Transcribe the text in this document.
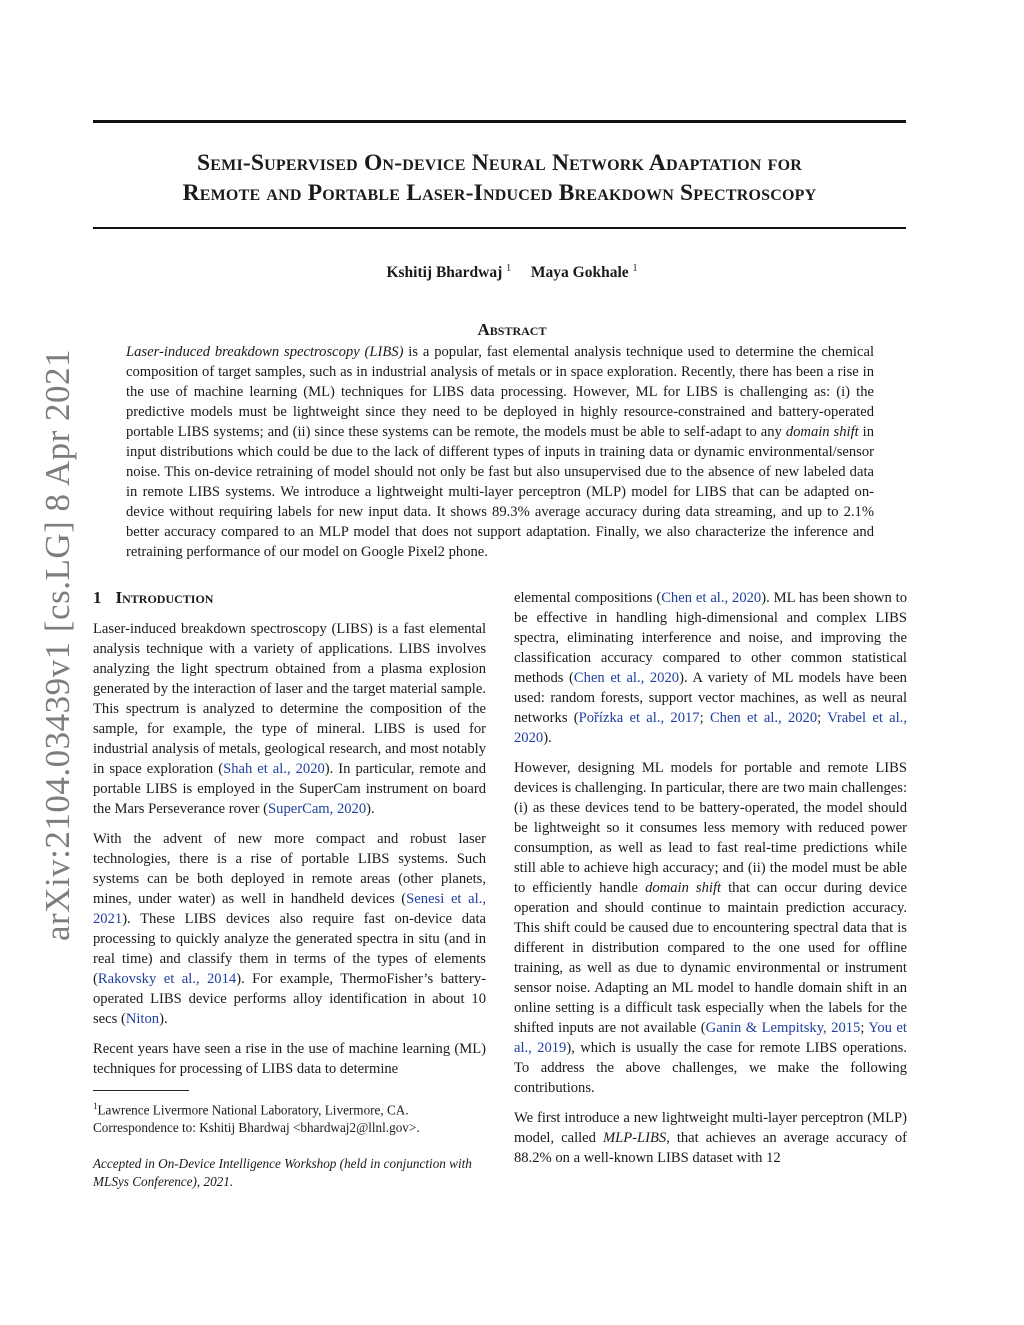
Semi-Supervised On-device Neural Network Adaptation for
Remote and Portable Laser-Induced Breakdown Spectroscopy
Kshitij Bhardwaj $^1$ Maya Gokhale $^1$
Abstract

Laser-induced breakdown spectroscopy (LIBS) is a popular, fast elemental analysis technique used to determine the chemical composition of target samples, such as in industrial analysis of metals or in space exploration. Recently, there has been a rise in the use of machine learning (ML) techniques for LIBS data processing. However, ML for LIBS is challenging as: (i) the predictive models must be lightweight since they need to be deployed in highly resource-constrained and battery-operated portable LIBS systems; and (ii) since these systems can be remote, the models must be able to self-adapt to any domain shift in input distributions which could be due to the lack of different types of inputs in training data or dynamic environmental/sensor noise. This on-device retraining of model should not only be fast but also unsupervised due to the absence of new labeled data in remote LIBS systems. We introduce a lightweight multi-layer perceptron (MLP) model for LIBS that can be adapted on-device without requiring labels for new input data. It shows 89.3% average accuracy during data streaming, and up to 2.1% better accuracy compared to an MLP model that does not support adaptation. Finally, we also characterize the inference and retraining performance of our model on Google Pixel2 phone.

arXiv:2104.03439v1 [cs.LG] 8 Apr 2021 1 Introduction

Laser-induced breakdown spectroscopy (LIBS) is a fast elemental analysis technique with a variety of applications. LIBS involves analyzing the light spectrum obtained from a plasma explosion generated by the interaction of laser and the target material sample. This spectrum is analyzed to determine the composition of the sample, for example, the type of mineral. LIBS is used for industrial analysis of metals, geological research, and most notably in space exploration (Shah et al., 2020). In particular, remote and portable LIBS is employed in the SuperCam instrument on board the Mars Perseverance rover (SuperCam, 2020).

With the advent of new more compact and robust laser technologies, there is a rise of portable LIBS systems. Such systems can be both deployed in remote areas (other planets, mines, under water) as well in handheld devices (Senesi et al., 2021). These LIBS devices also require fast on-device data processing to quickly analyze the generated spectra in situ (and in real time) and classify them in terms of the types of elements (Rakovsky et al., 2014). For example, ThermoFisher’s battery-operated LIBS device performs alloy identification in about 10 secs (Niton).

Recent years have seen a rise in the use of machine learning (ML) techniques for processing of LIBS data to determine

$^1$Lawrence Livermore National Laboratory, Livermore, CA. Correspondence to: Kshitij Bhardwaj <bhardwaj2@llnl.gov>.

Accepted in On-Device Intelligence Workshop (held in conjunction with MLSys Conference), 2021.

elemental compositions (Chen et al., 2020). ML has been shown to be effective in handling high-dimensional and complex LIBS spectra, eliminating interference and noise, and improving the classification accuracy compared to other common statistical methods (Chen et al., 2020). A variety of ML models have been used: random forests, support vector machines, as well as neural networks (Pořízka et al., 2017; Chen et al., 2020; Vrabel et al., 2020).

However, designing ML models for portable and remote LIBS devices is challenging. In particular, there are two main challenges: (i) as these devices tend to be battery-operated, the model should be lightweight so it consumes less memory with reduced power consumption, as well as lead to fast real-time predictions while still able to achieve high accuracy; and (ii) the model must be able to efficiently handle domain shift that can occur during device operation and should continue to maintain prediction accuracy. This shift could be caused due to encountering spectral data that is different in distribution compared to the one used for offline training, as well as due to dynamic environmental or instrument sensor noise. Adapting an ML model to handle domain shift in an online setting is a difficult task especially when the labels for the shifted inputs are not available (Ganin & Lempitsky, 2015; You et al., 2019), which is usually the case for remote LIBS operations. To address the above challenges, we make the following contributions.

We first introduce a new lightweight multi-layer perceptron (MLP) model, called MLP-LIBS, that achieves an average accuracy of 88.2% on a well-known LIBS dataset with 12
